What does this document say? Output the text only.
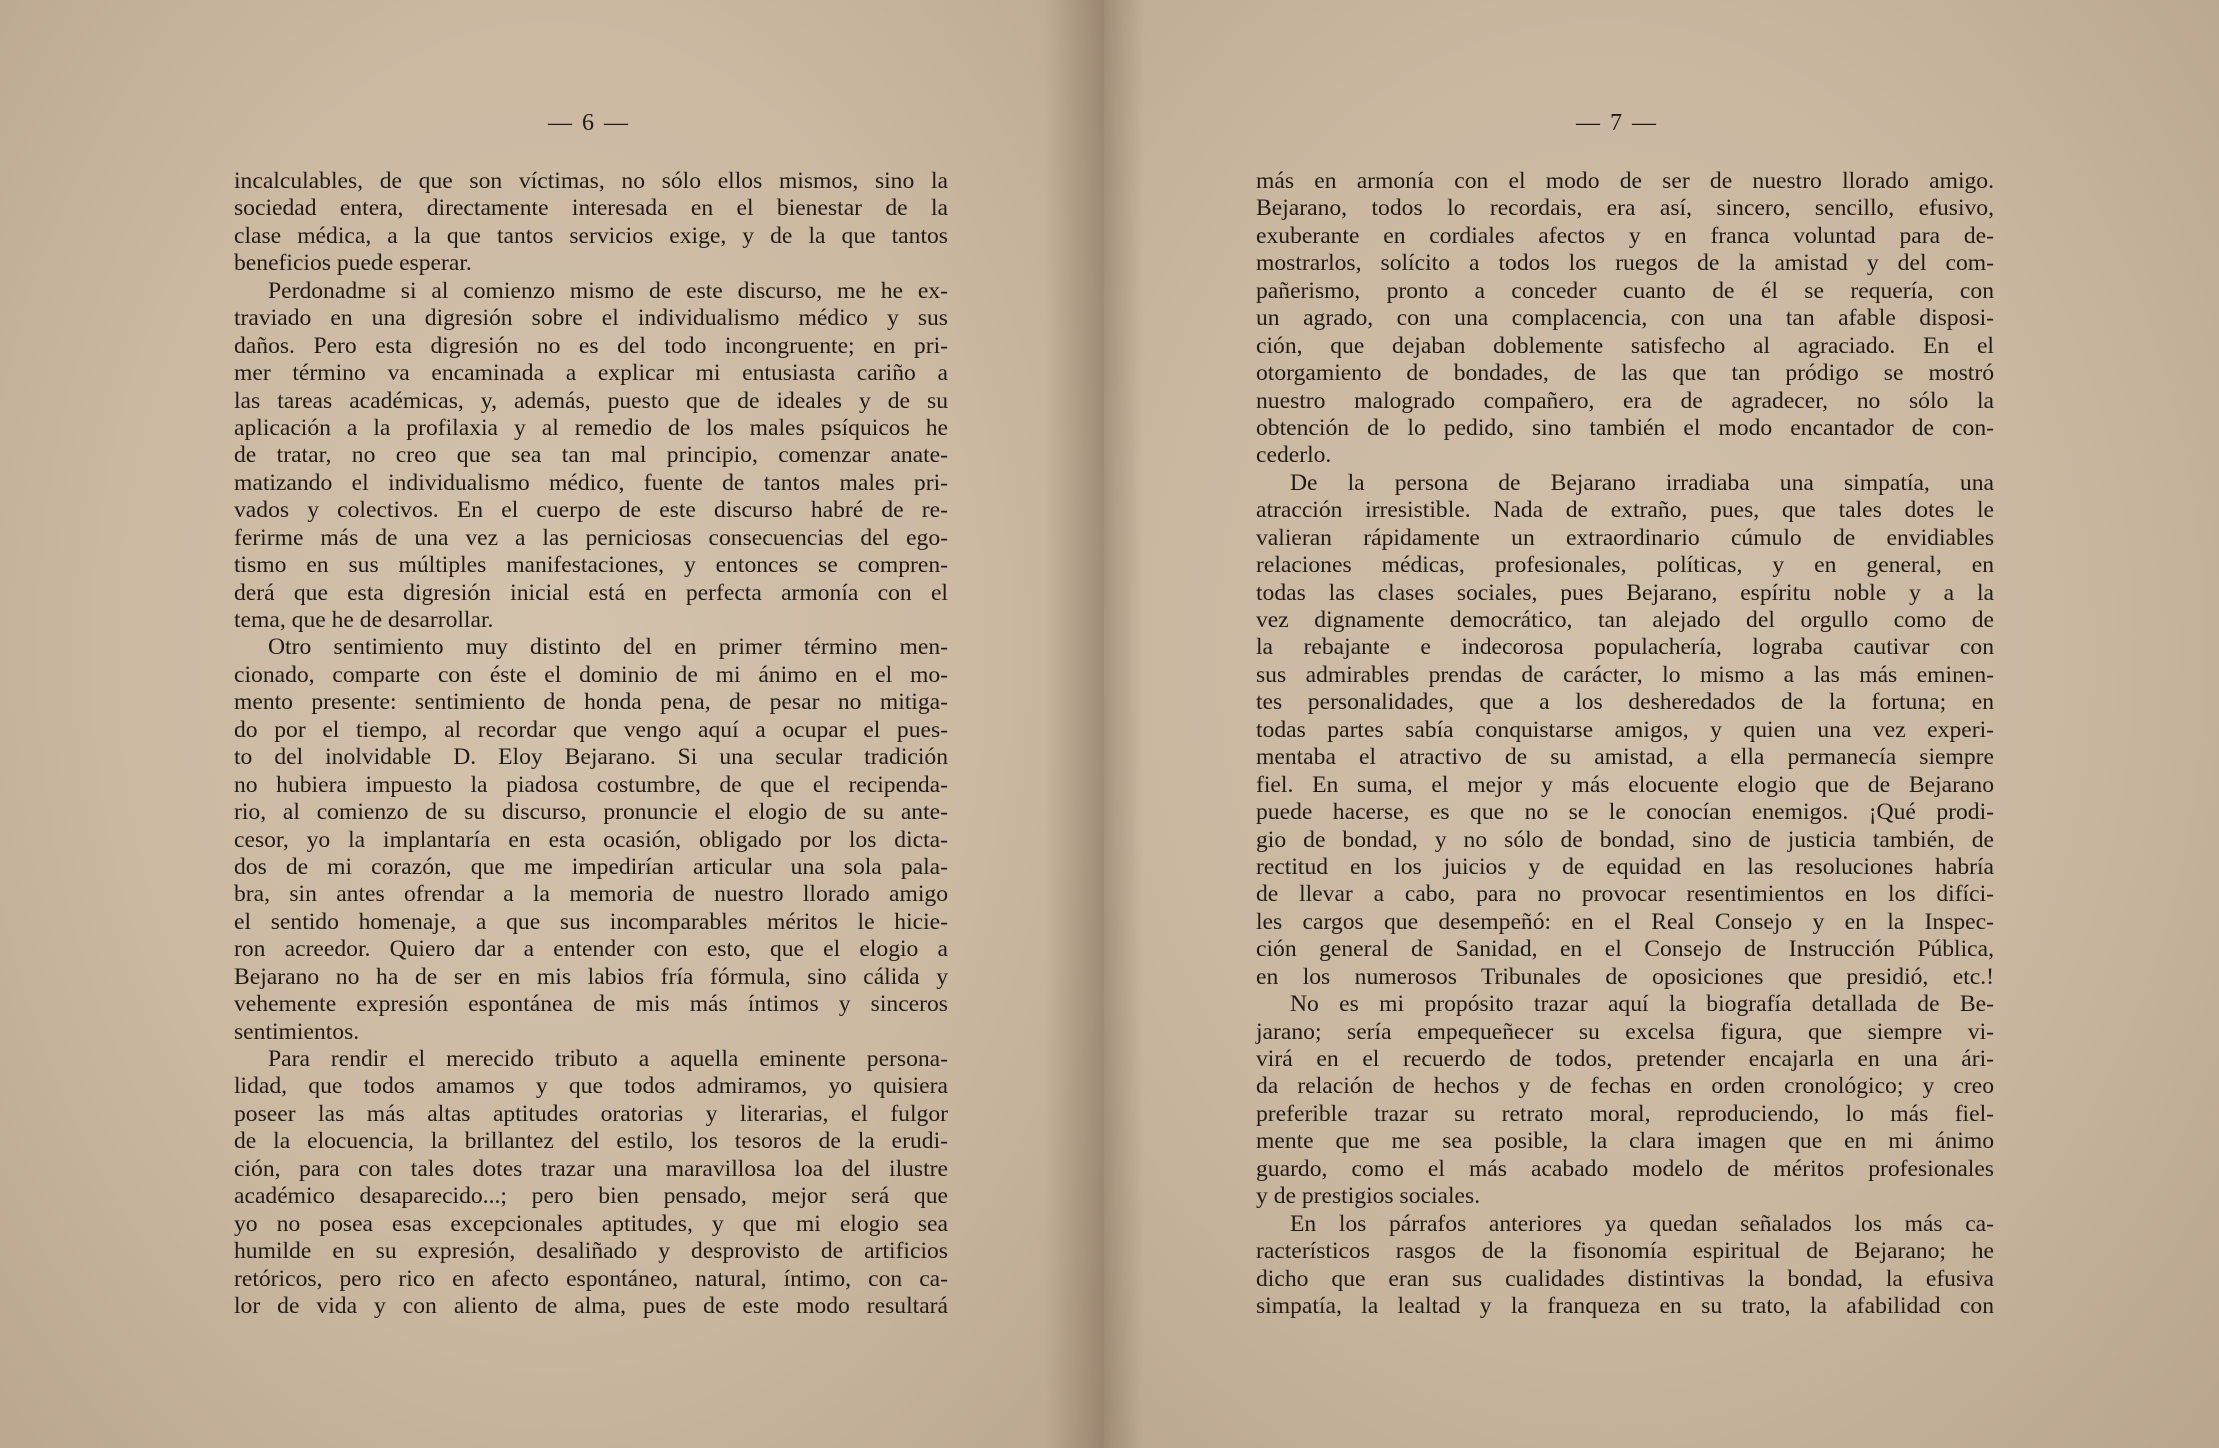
— 6 —
incalculables, de que son víctimas, no sólo ellos mismos, sino la
sociedad entera, directamente interesada en el bienestar de la
clase médica, a la que tantos servicios exige, y de la que tantos
beneficios puede esperar.
Perdonadme si al comienzo mismo de este discurso, me he ex-
traviado en una digresión sobre el individualismo médico y sus
daños. Pero esta digresión no es del todo incongruente; en pri-
mer término va encaminada a explicar mi entusiasta cariño a
las tareas académicas, y, además, puesto que de ideales y de su
aplicación a la profilaxia y al remedio de los males psíquicos he
de tratar, no creo que sea tan mal principio, comenzar anate-
matizando el individualismo médico, fuente de tantos males pri-
vados y colectivos. En el cuerpo de este discurso habré de re-
ferirme más de una vez a las perniciosas consecuencias del ego-
tismo en sus múltiples manifestaciones, y entonces se compren-
derá que esta digresión inicial está en perfecta armonía con el
tema, que he de desarrollar.
Otro sentimiento muy distinto del en primer término men-
cionado, comparte con éste el dominio de mi ánimo en el mo-
mento presente: sentimiento de honda pena, de pesar no mitiga-
do por el tiempo, al recordar que vengo aquí a ocupar el pues-
to del inolvidable D. Eloy Bejarano. Si una secular tradición
no hubiera impuesto la piadosa costumbre, de que el recipenda-
rio, al comienzo de su discurso, pronuncie el elogio de su ante-
cesor, yo la implantaría en esta ocasión, obligado por los dicta-
dos de mi corazón, que me impedirían articular una sola pala-
bra, sin antes ofrendar a la memoria de nuestro llorado amigo
el sentido homenaje, a que sus incomparables méritos le hicie-
ron acreedor. Quiero dar a entender con esto, que el elogio a
Bejarano no ha de ser en mis labios fría fórmula, sino cálida y
vehemente expresión espontánea de mis más íntimos y sinceros
sentimientos.
Para rendir el merecido tributo a aquella eminente persona-
lidad, que todos amamos y que todos admiramos, yo quisiera
poseer las más altas aptitudes oratorias y literarias, el fulgor
de la elocuencia, la brillantez del estilo, los tesoros de la erudi-
ción, para con tales dotes trazar una maravillosa loa del ilustre
académico desaparecido...; pero bien pensado, mejor será que
yo no posea esas excepcionales aptitudes, y que mi elogio sea
humilde en su expresión, desaliñado y desprovisto de artificios
retóricos, pero rico en afecto espontáneo, natural, íntimo, con ca-
lor de vida y con aliento de alma, pues de este modo resultará
— 7 —
más en armonía con el modo de ser de nuestro llorado amigo.
Bejarano, todos lo recordais, era así, sincero, sencillo, efusivo,
exuberante en cordiales afectos y en franca voluntad para de-
mostrarlos, solícito a todos los ruegos de la amistad y del com-
pañerismo, pronto a conceder cuanto de él se requería, con
un agrado, con una complacencia, con una tan afable disposi-
ción, que dejaban doblemente satisfecho al agraciado. En el
otorgamiento de bondades, de las que tan pródigo se mostró
nuestro malogrado compañero, era de agradecer, no sólo la
obtención de lo pedido, sino también el modo encantador de con-
cederlo.
De la persona de Bejarano irradiaba una simpatía, una
atracción irresistible. Nada de extraño, pues, que tales dotes le
valieran rápidamente un extraordinario cúmulo de envidiables
relaciones médicas, profesionales, políticas, y en general, en
todas las clases sociales, pues Bejarano, espíritu noble y a la
vez dignamente democrático, tan alejado del orgullo como de
la rebajante e indecorosa populachería, lograba cautivar con
sus admirables prendas de carácter, lo mismo a las más eminen-
tes personalidades, que a los desheredados de la fortuna; en
todas partes sabía conquistarse amigos, y quien una vez experi-
mentaba el atractivo de su amistad, a ella permanecía siempre
fiel. En suma, el mejor y más elocuente elogio que de Bejarano
puede hacerse, es que no se le conocían enemigos. ¡Qué prodi-
gio de bondad, y no sólo de bondad, sino de justicia también, de
rectitud en los juicios y de equidad en las resoluciones habría
de llevar a cabo, para no provocar resentimientos en los difíci-
les cargos que desempeñó: en el Real Consejo y en la Inspec-
ción general de Sanidad, en el Consejo de Instrucción Pública,
en los numerosos Tribunales de oposiciones que presidió, etc.!
No es mi propósito trazar aquí la biografía detallada de Be-
jarano; sería empequeñecer su excelsa figura, que siempre vi-
virá en el recuerdo de todos, pretender encajarla en una ári-
da relación de hechos y de fechas en orden cronológico; y creo
preferible trazar su retrato moral, reproduciendo, lo más fiel-
mente que me sea posible, la clara imagen que en mi ánimo
guardo, como el más acabado modelo de méritos profesionales
y de prestigios sociales.
En los párrafos anteriores ya quedan señalados los más ca-
racterísticos rasgos de la fisonomía espiritual de Bejarano; he
dicho que eran sus cualidades distintivas la bondad, la efusiva
simpatía, la lealtad y la franqueza en su trato, la afabilidad con
